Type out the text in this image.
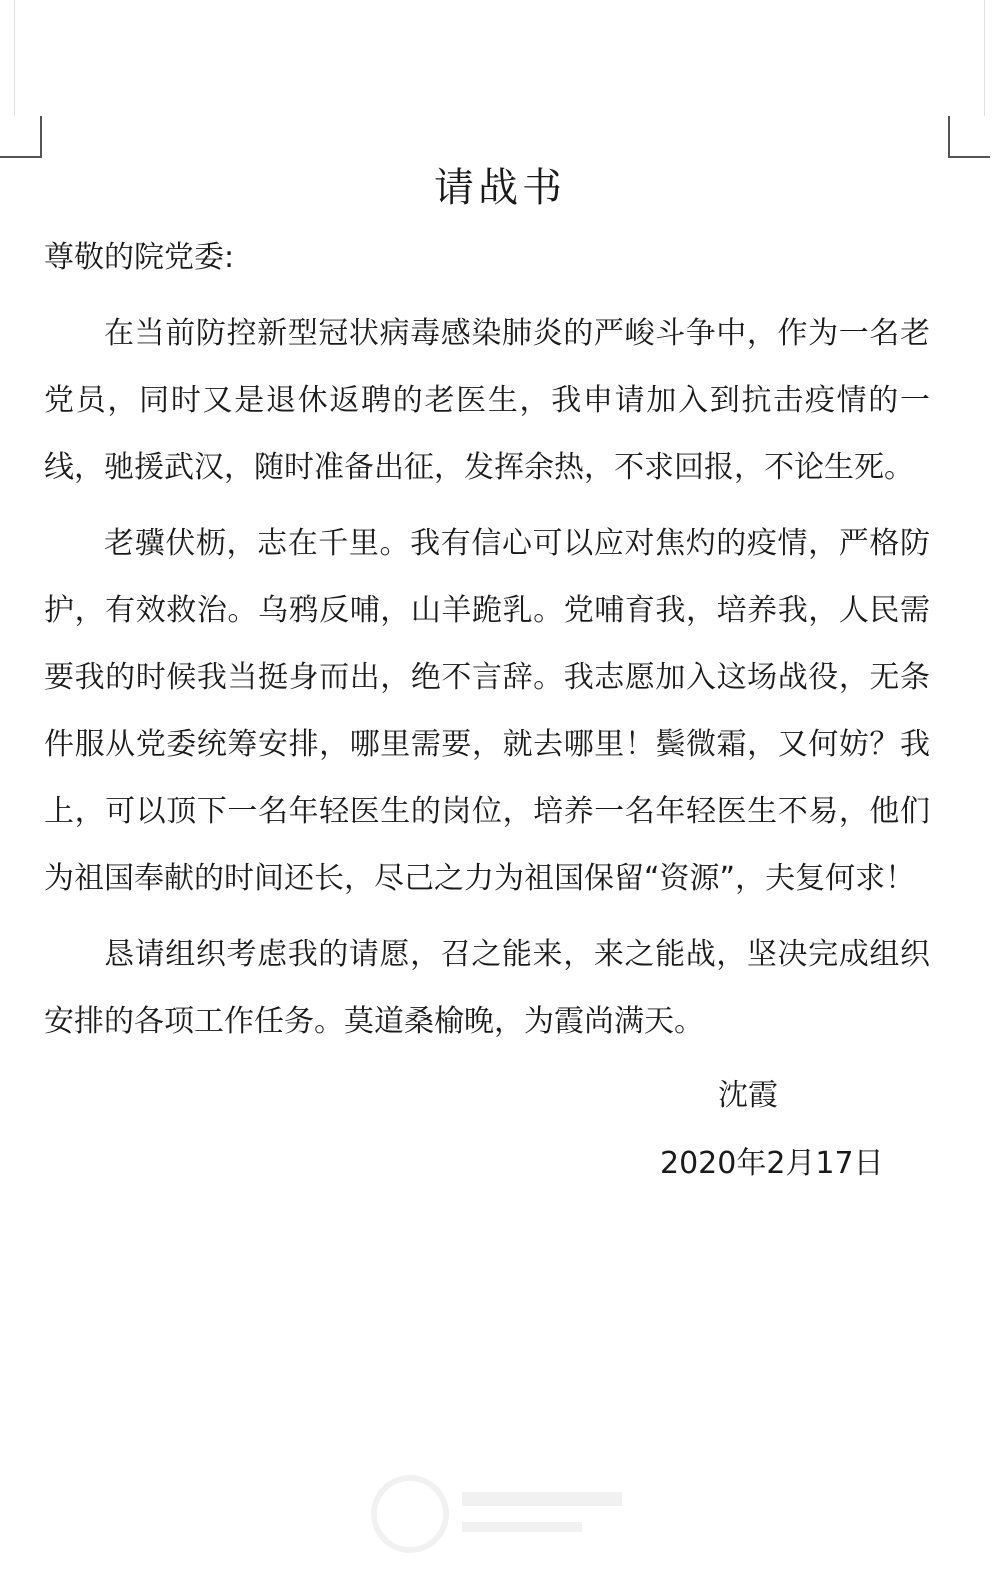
请战书
尊敬的院党委:

在当前防控新型冠状病毒感染肺炎的严峻斗争中，作为一名老党员，同时又是退休返聘的老医生，我申请加入到抗击疫情的一线，驰援武汉，随时准备出征，发挥余热，不求回报，不论生死。

老骥伏枥，志在千里。我有信心可以应对焦灼的疫情，严格防护，有效救治。乌鸦反哺，山羊跪乳。党哺育我，培养我，人民需要我的时候我当挺身而出，绝不言辞。我志愿加入这场战役，无条件服从党委统筹安排，哪里需要，就去哪里！鬓微霜，又何妨？我上，可以顶下一名年轻医生的岗位，培养一名年轻医生不易，他们为祖国奉献的时间还长，尽己之力为祖国保留“资源”，夫复何求！

恳请组织考虑我的请愿，召之能来，来之能战，坚决完成组织安排的各项工作任务。莫道桑榆晚，为霞尚满天。

沈霞
2020年2月17日
